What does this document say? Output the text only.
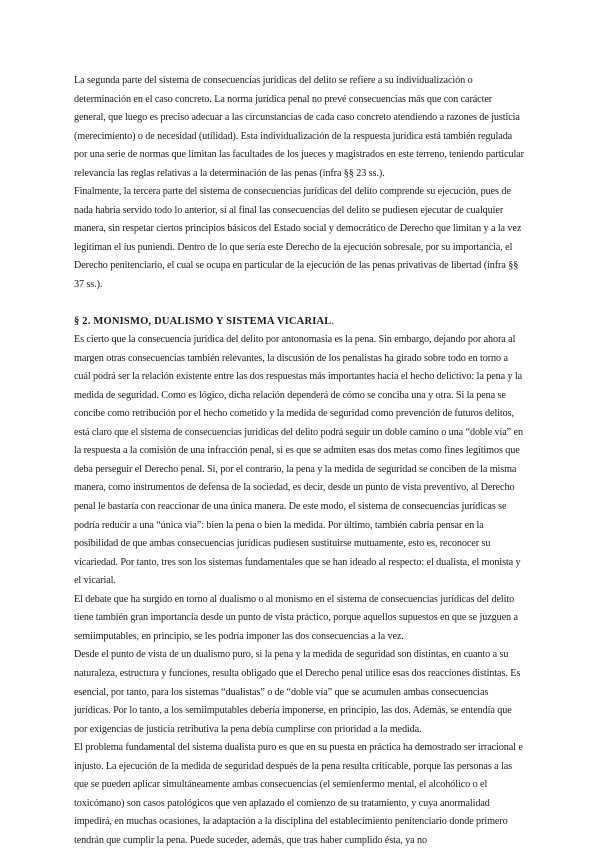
La segunda parte del sistema de consecuencias jurídicas del delito se refiere a su individualización o determinación en el caso concreto. La norma jurídica penal no prevé consecuencias más que con carácter general, que luego es preciso adecuar a las circunstancias de cada caso concreto atendiendo a razones de justicia (merecimiento) o de necesidad (utilidad). Esta individualización de la respuesta jurídica está también regulada por una serie de normas que limitan las facultades de los jueces y magistrados en este terreno, teniendo particular relevancia las reglas relativas a la determinación de las penas (infra §§ 23 ss.).

Finalmente, la tercera parte del sistema de consecuencias jurídicas del delito comprende su ejecución, pues de nada habría servido todo lo anterior, si al final las consecuencias del delito se pudiesen ejecutar de cualquier manera, sin respetar ciertos principios básicos del Estado social y democrático de Derecho que limitan y a la vez legitiman el ius puniendi. Dentro de lo que sería este Derecho de la ejecución sobresale, por su importancia, el Derecho penitenciario, el cual se ocupa en particular de la ejecución de las penas privativas de libertad (infra §§ 37 ss.).

§ 2. MONISMO, DUALISMO Y SISTEMA VICARIAL.

Es cierto que la consecuencia jurídica del delito por antonomasia es la pena. Sin embargo, dejando por ahora al margen otras consecuencias también relevantes, la discusión de los penalistas ha girado sobre todo en torno a cuál podrá ser la relación existente entre las dos respuestas más importantes hacia el hecho delictivo: la pena y la medida de seguridad. Como es lógico, dicha relación dependerá de cómo se conciba una y otra. Si la pena se concibe como retribución por el hecho cometido y la medida de seguridad como prevención de futuros delitos, está claro que el sistema de consecuencias jurídicas del delito podrá seguir un doble camino o una “doble vía” en la respuesta a la comisión de una infracción penal, si es que se admiten esas dos metas como fines legítimos que deba perseguir el Derecho penal. Si, por el contrario, la pena y la medida de seguridad se conciben de la misma manera, como instrumentos de defensa de la sociedad, es decir, desde un punto de vista preventivo, al Derecho penal le bastaría con reaccionar de una única manera. De este modo, el sistema de consecuencias jurídicas se podría reducir a una “única vía”: bien la pena o bien la medida. Por último, también cabría pensar en la posibilidad de que ambas consecuencias jurídicas pudiesen sustituirse mutuamente, esto es, reconocer su vicariedad. Por tanto, tres son los sistemas fundamentales que se han ideado al respecto: el dualista, el monista y el vicarial.

El debate que ha surgido en torno al dualismo o al monismo en el sistema de consecuencias jurídicas del delito tiene también gran importancia desde un punto de vista práctico, porque aquellos supuestos en que se juzguen a semiimputables, en principio, se les podría imponer las dos consecuencias a la vez.

Desde el punto de vista de un dualismo puro, si la pena y la medida de seguridad son distintas, en cuanto a su naturaleza, estructura y funciones, resulta obligado que el Derecho penal utilice esas dos reacciones distintas. Es esencial, por tanto, para los sistemas “dualistas” o de “doble vía” que se acumulen ambas consecuencias jurídicas. Por lo tanto, a los semiimputables debería imponerse, en principio, las dos. Además, se entendía que por exigencias de justicia retributiva la pena debía cumplirse con prioridad a la medida.

El problema fundamental del sistema dualista puro es que en su puesta en práctica ha demostrado ser irracional e injusto. La ejecución de la medida de seguridad después de la pena resulta criticable, porque las personas a las que se pueden aplicar simultáneamente ambas consecuencias (el semienfermo mental, el alcohólico o el toxicómano) son casos patológicos que ven aplazado el comienzo de su tratamiento, y cuya anormalidad impedirá, en muchas ocasiones, la adaptación a la disciplina del establecimiento penitenciario donde primero tendrán que cumplir la pena. Puede suceder, además, que tras haber cumplido ésta, ya no
